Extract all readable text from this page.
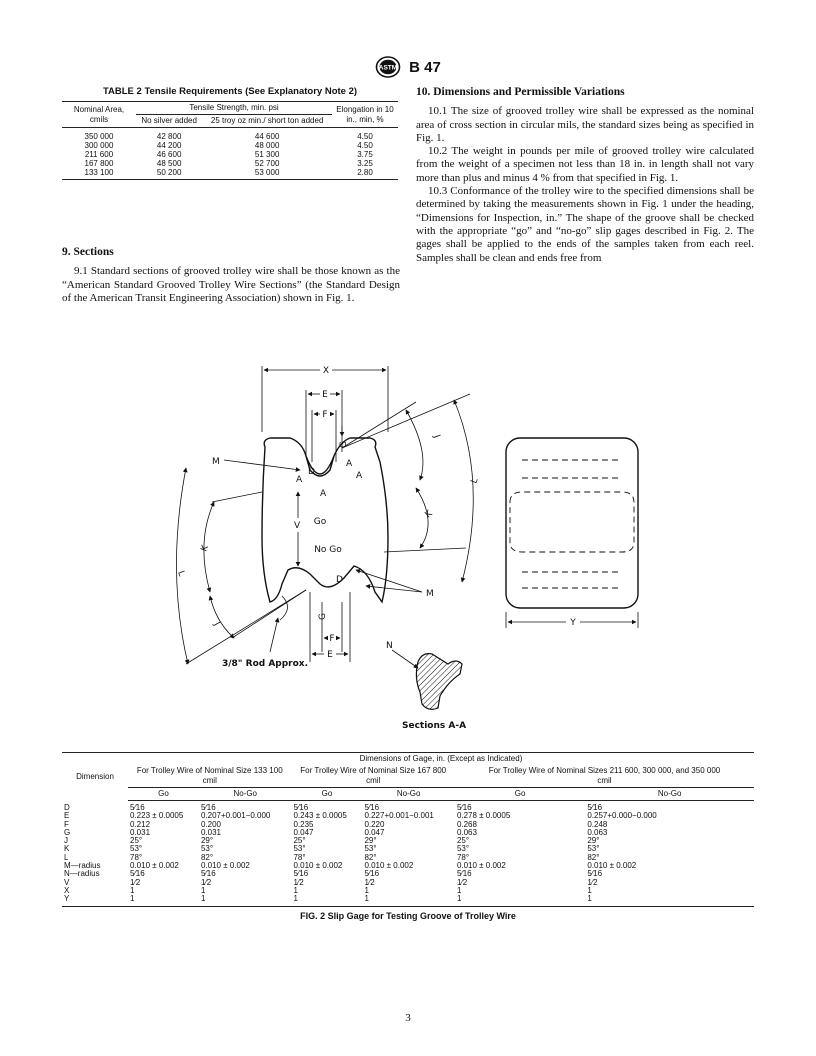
ASTM B 47
TABLE 2 Tensile Requirements (See Explanatory Note 2)
Nominal Area, cmils	Tensile Strength, min. psi		Elongation in 10 in., min, %
	No silver added	25 troy oz min./ short ton added	
350 000	42 800	44 600	4.50
300 000	44 200	48 000	4.50
211 600	46 600	51 300	3.75
167 800	48 500	52 700	3.25
133 100	50 200	53 000	2.80
9. Sections

9.1 Standard sections of grooved trolley wire shall be those known as the “American Standard Grooved Trolley Wire Sections” (the Standard Design of the American Transit Engineering Association) shown in Fig. 1.

10. Dimensions and Permissible Variations

10.1 The size of grooved trolley wire shall be expressed as the nominal area of cross section in circular mils, the standard sizes being as specified in Fig. 1.

10.2 The weight in pounds per mile of grooved trolley wire calculated from the weight of a specimen not less than 18 in. in length shall not vary more than plus and minus 4 % from that specified in Fig. 1.

10.3 Conformance of the trolley wire to the specified dimensions shall be determined by taking the measurements shown in Fig. 1 under the heading, “Dimensions for Inspection, in.” The shape of the groove shall be checked with the appropriate “go” and “no-go” slip gages described in Fig. 2. The gages shall be applied to the ends of the samples taken from each reel. Samples shall be clean and ends free from

X
E
F
G
D
A
A
A
A
Go
No Go
V
M
M
D
G
F
E
J
K
L
K
J
L
3/8" Rod Approx.
Y
N
Sections A-A
Dimension	Dimensions of Gage, in. (Except as Indicated)					
	For Trolley Wire of Nominal Size 133 100 cmil		For Trolley Wire of Nominal Size 167 800 cmil		For Trolley Wire of Nominal Sizes 211 600, 300 000, and 350 000 cmil	
	Go	No-Go	Go	No-Go	Go	No-Go
D	5⁄16	5⁄16	5⁄16	5⁄16	5⁄16	5⁄16
E	0.223 ± 0.0005	0.207+0.001−0.000	0.243 ± 0.0005	0.227+0.001−0.001	0.278 ± 0.0005	0.257+0.000−0.000
F	0.212	0.200	0.235	0.220	0.268	0.248
G	0.031	0.031	0.047	0.047	0.063	0.063
J	25°	29°	25°	29°	25°	29°
K	53°	53°	53°	53°	53°	53°
L	78°	82°	78°	82°	78°	82°
M—radius	0.010 ± 0.002	0.010 ± 0.002	0.010 ± 0.002	0.010 ± 0.002	0.010 ± 0.002	0.010 ± 0.002
N—radius	5⁄16	5⁄16	5⁄16	5⁄16	5⁄16	5⁄16
V	1⁄2	1⁄2	1⁄2	1⁄2	1⁄2	1⁄2
X	1	1	1	1	1	1
Y	1	1	1	1	1	1
FIG. 2 Slip Gage for Testing Groove of Trolley Wire
3
